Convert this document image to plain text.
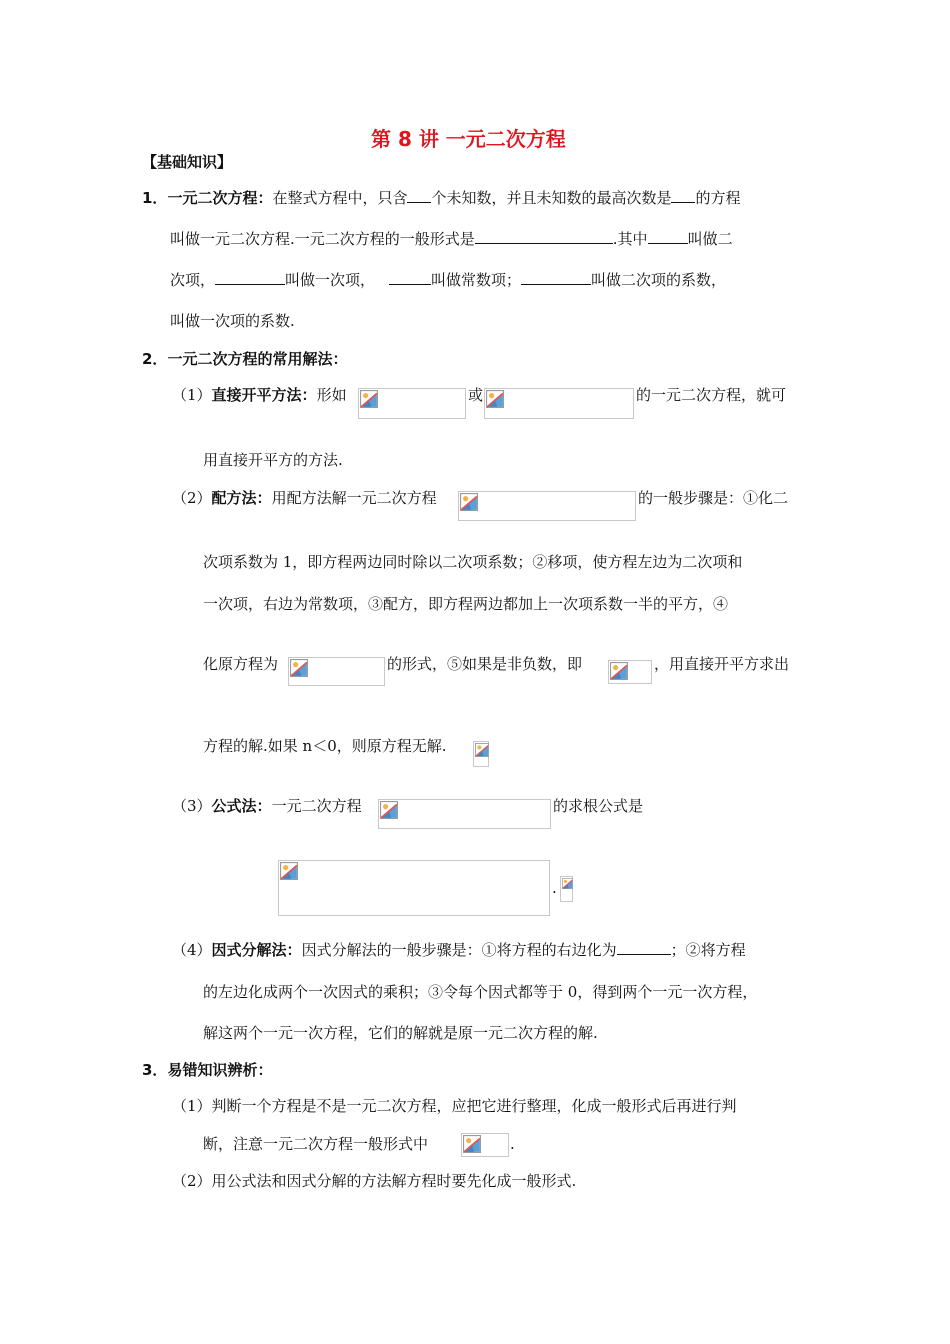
第 8 讲 一元二次方程
【基础知识】
1．一元二次方程：在整式方程中，只含 个未知数，并且未知数的最高次数是 的方程
叫做一元二次方程.一元二次方程的一般形式是	.其中	叫做二
次项，	叫做一次项，	叫做常数项；	叫做二次项的系数，
叫做一次项的系数.
2．一元二次方程的常用解法：
（1）直接开平方法：形如	或	的一元二次方程，就可
用直接开平方的方法.
（2）配方法：用配方法解一元二次方程	的一般步骤是：①化二
次项系数为 1，即方程两边同时除以二次项系数；②移项，使方程左边为二次项和
一次项，右边为常数项，③配方，即方程两边都加上一次项系数一半的平方，④
化原方程为	的形式，⑤如果是非负数，即	，用直接开平方求出
方程的解.如果 n＜0，则原方程无解.
（3）公式法：一元二次方程	的求根公式是
.
（4）因式分解法：因式分解法的一般步骤是：①将方程的右边化为	；②将方程
的左边化成两个一次因式的乘积；③令每个因式都等于 0，得到两个一元一次方程，
解这两个一元一次方程，它们的解就是原一元二次方程的解.
3．易错知识辨析：
（1）判断一个方程是不是一元二次方程，应把它进行整理，化成一般形式后再进行判
断，注意一元二次方程一般形式中	.
（2）用公式法和因式分解的方法解方程时要先化成一般形式.
